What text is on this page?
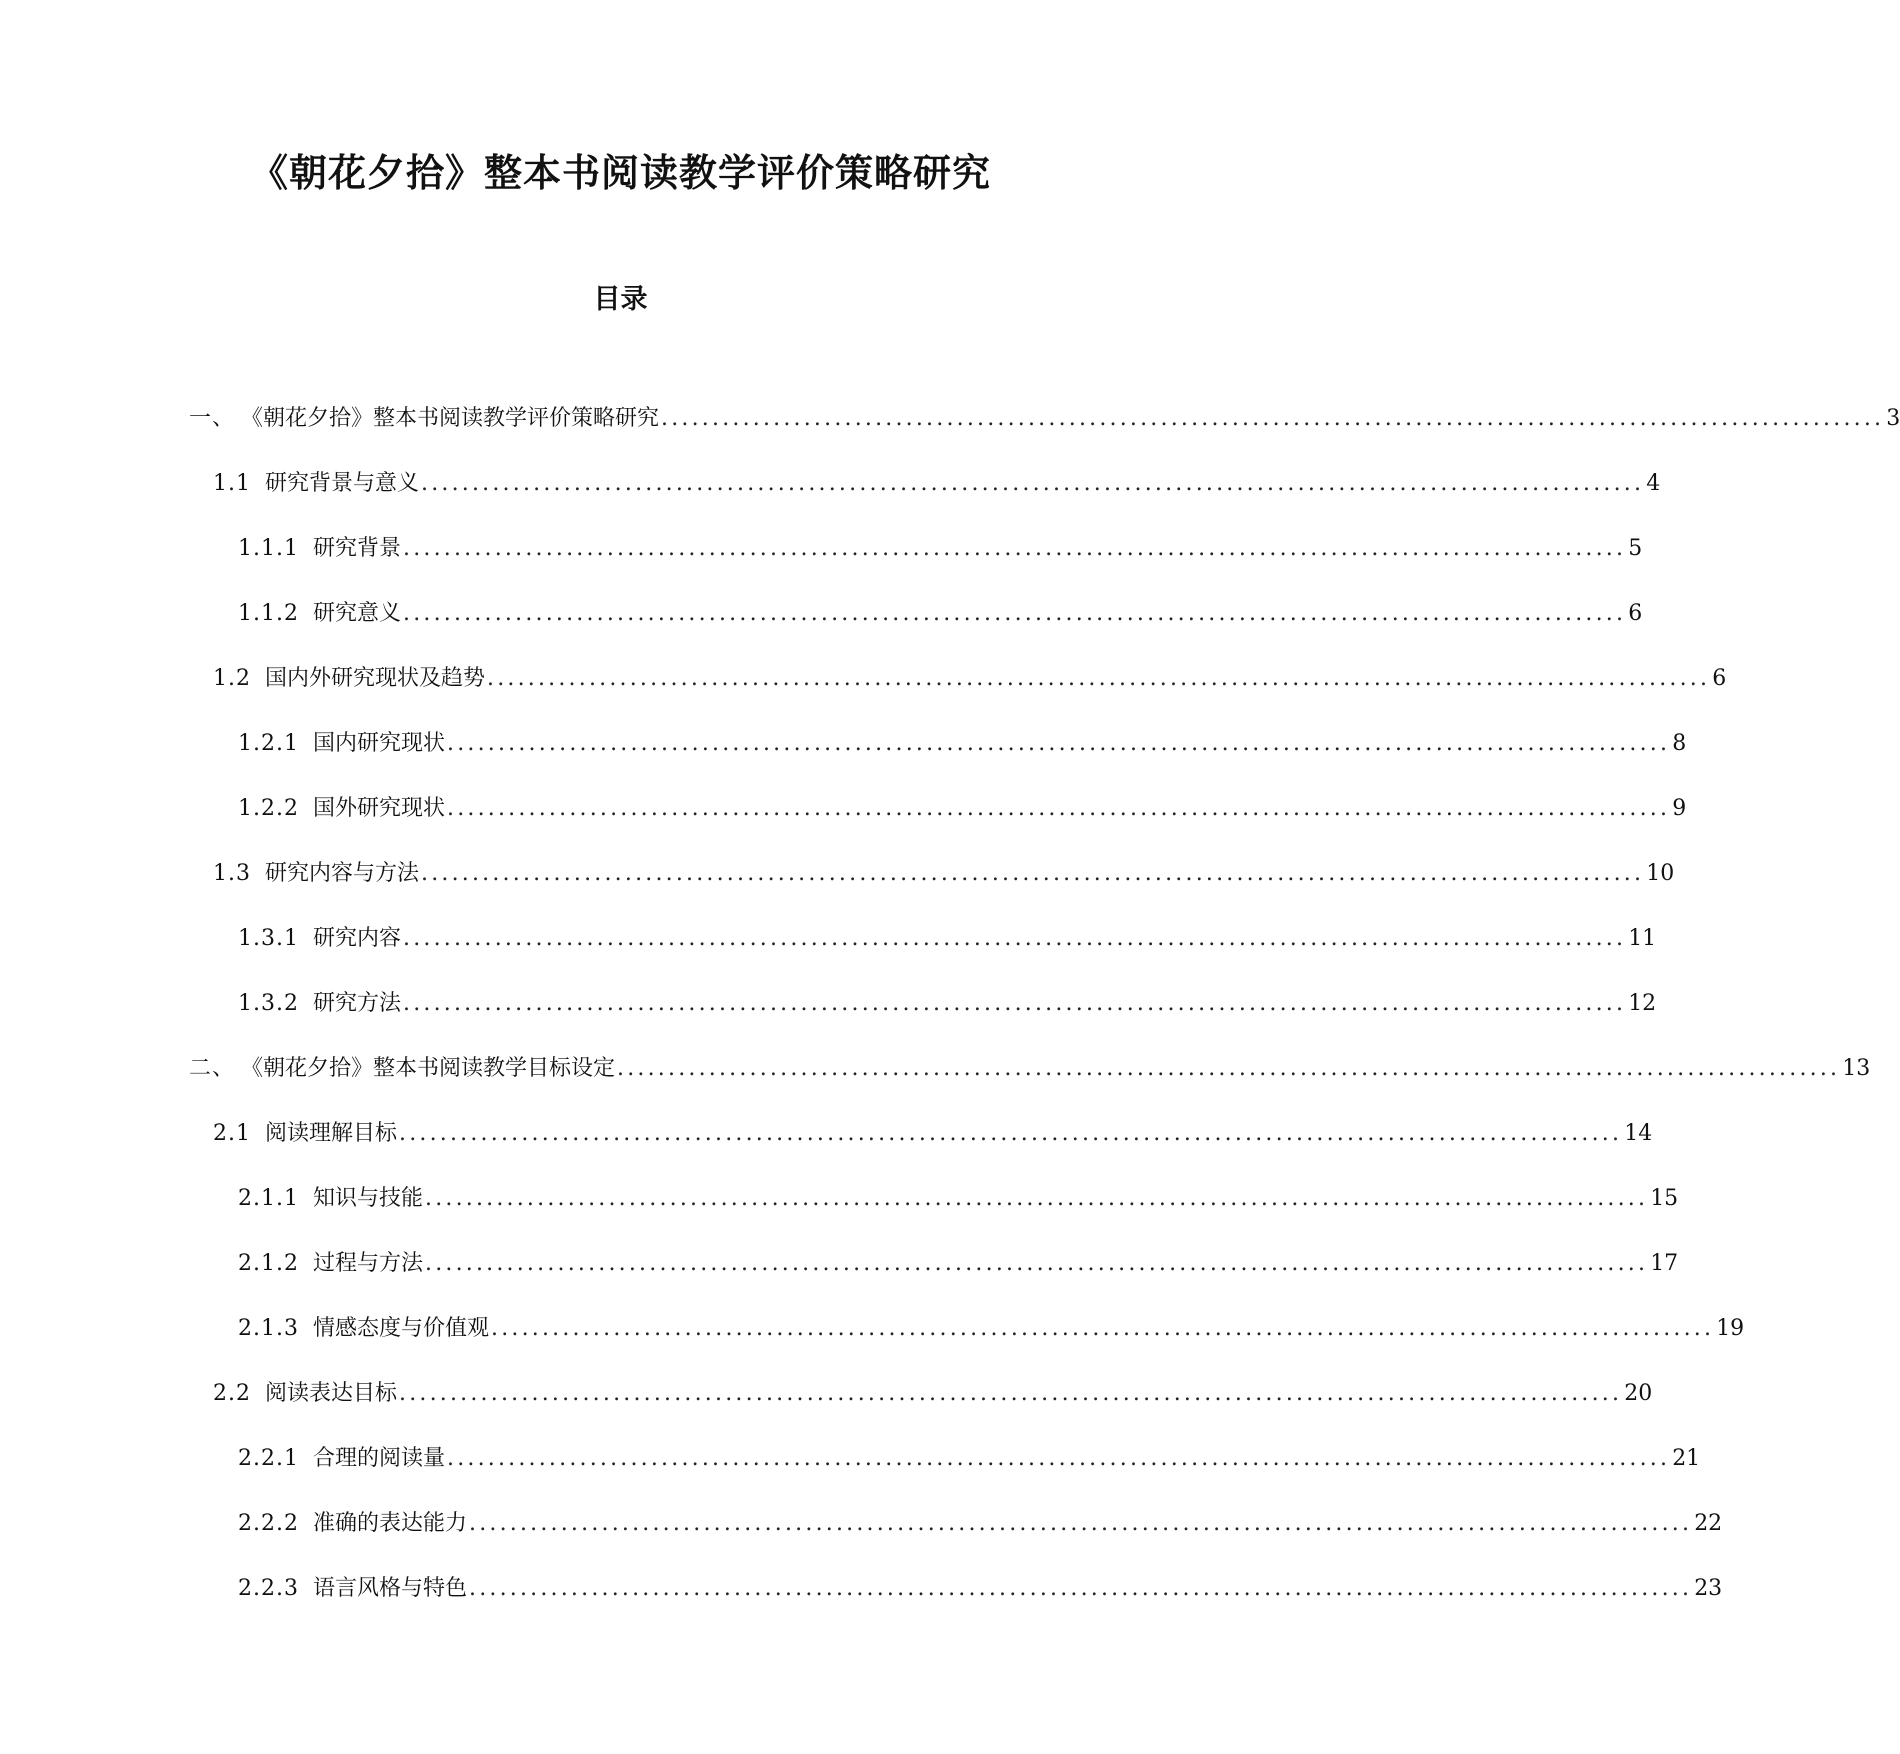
《朝花夕拾》整本书阅读教学评价策略研究
目录
一、 《朝花夕拾》整本书阅读教学评价策略研究 ........................................................................................................................ 3
1.1 研究背景与意义 ........................................................................................................................ 4
1.1.1 研究背景 ........................................................................................................................ 5
1.1.2 研究意义 ........................................................................................................................ 6
1.2 国内外研究现状及趋势 ........................................................................................................................ 6
1.2.1 国内研究现状 ........................................................................................................................ 8
1.2.2 国外研究现状 ........................................................................................................................ 9
1.3 研究内容与方法 ........................................................................................................................ 10
1.3.1 研究内容 ........................................................................................................................ 11
1.3.2 研究方法 ........................................................................................................................ 12
二、 《朝花夕拾》整本书阅读教学目标设定 ........................................................................................................................ 13
2.1 阅读理解目标 ........................................................................................................................ 14
2.1.1 知识与技能 ........................................................................................................................ 15
2.1.2 过程与方法 ........................................................................................................................ 17
2.1.3 情感态度与价值观 ........................................................................................................................ 19
2.2 阅读表达目标 ........................................................................................................................ 20
2.2.1 合理的阅读量 ........................................................................................................................ 21
2.2.2 准确的表达能力 ........................................................................................................................ 22
2.2.3 语言风格与特色 ........................................................................................................................ 23
